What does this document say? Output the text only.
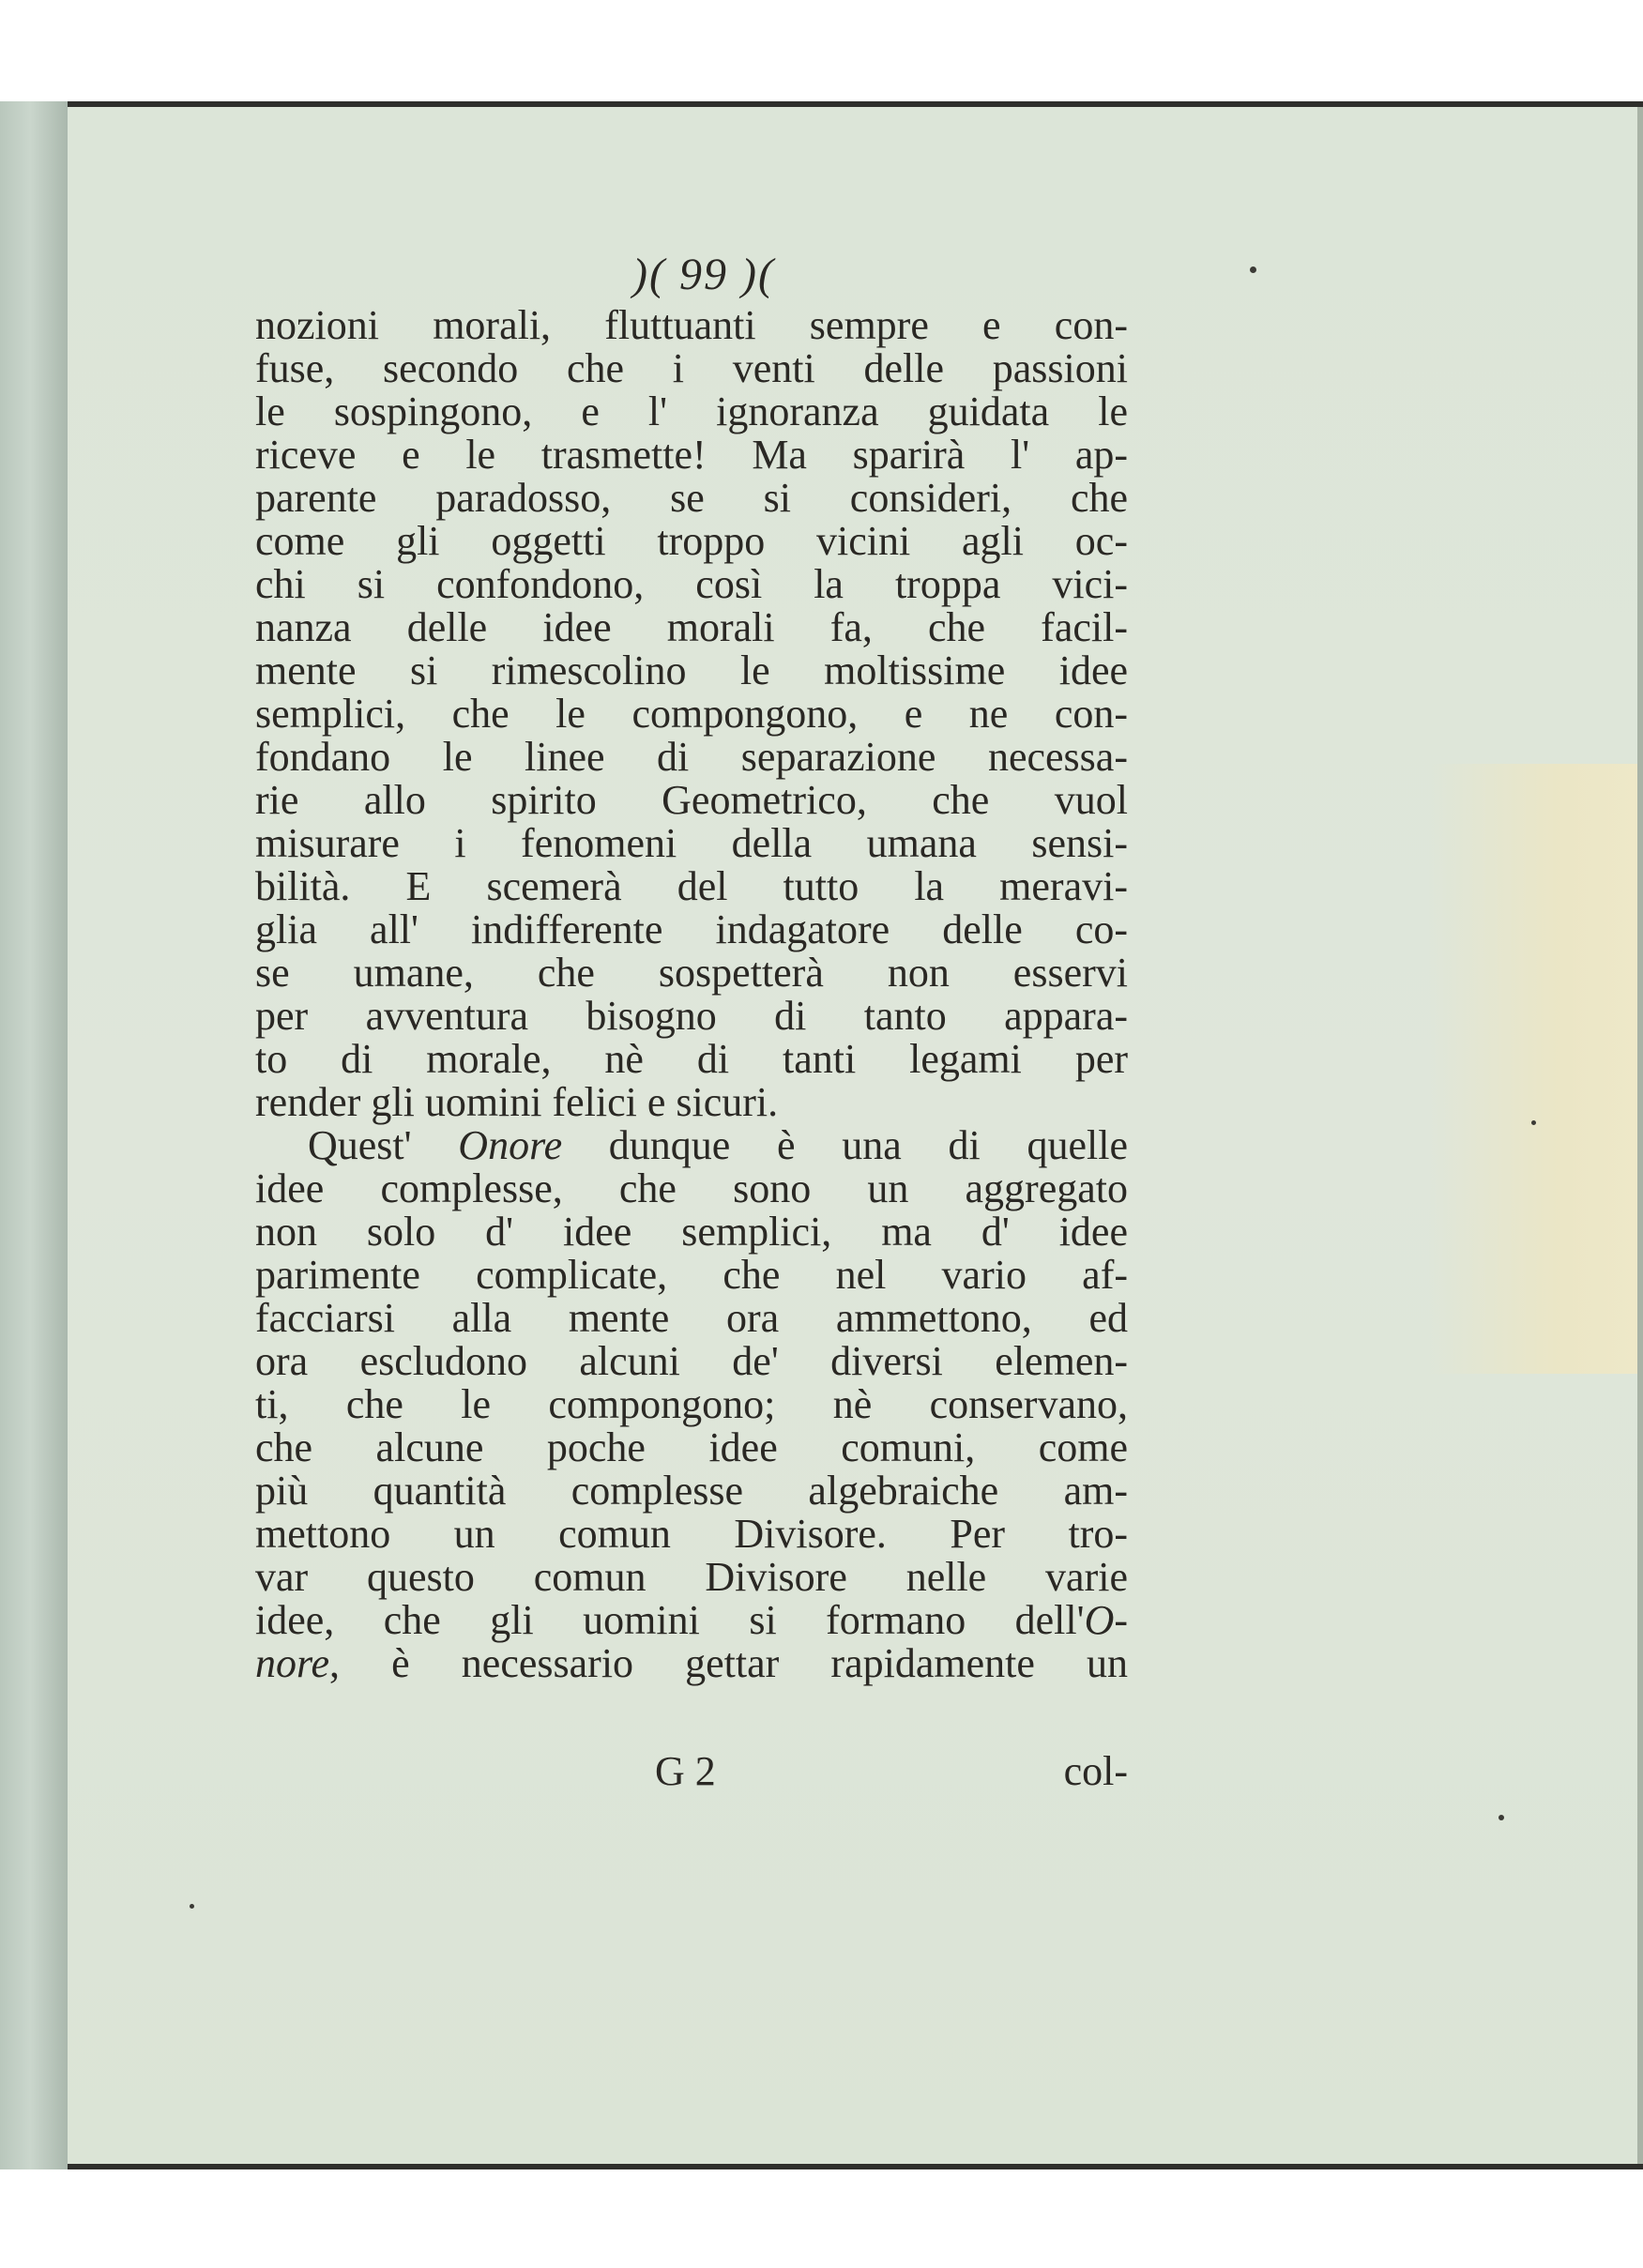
)( 99 )(
nozioni morali, fluttuanti sempre e con-
fuse, secondo che i venti delle passioni
le sospingono, e l' ignoranza guidata le
riceve e le trasmette! Ma sparirà l' ap-
parente paradosso, se si consideri, che
come gli oggetti troppo vicini agli oc-
chi si confondono, così la troppa vici-
nanza delle idee morali fa, che facil-
mente si rimescolino le moltissime idee
semplici, che le compongono, e ne con-
fondano le linee di separazione necessa-
rie allo spirito Geometrico, che vuol
misurare i fenomeni della umana sensi-
bilità. E scemerà del tutto la meravi-
glia all' indifferente indagatore delle co-
se umane, che sospetterà non esservi
per avventura bisogno di tanto appara-
to di morale, nè di tanti legami per
render gli uomini felici e sicuri.
Quest' Onore dunque è una di quelle
idee complesse, che sono un aggregato
non solo d' idee semplici, ma d' idee
parimente complicate, che nel vario af-
facciarsi alla mente ora ammettono, ed
ora escludono alcuni de' diversi elemen-
ti, che le compongono; nè conservano,
che alcune poche idee comuni, come
più quantità complesse algebraiche am-
mettono un comun Divisore. Per tro-
var questo comun Divisore nelle varie
idee, che gli uomini si formano dell'O-
nore, è necessario gettar rapidamente un
G 2	col-
